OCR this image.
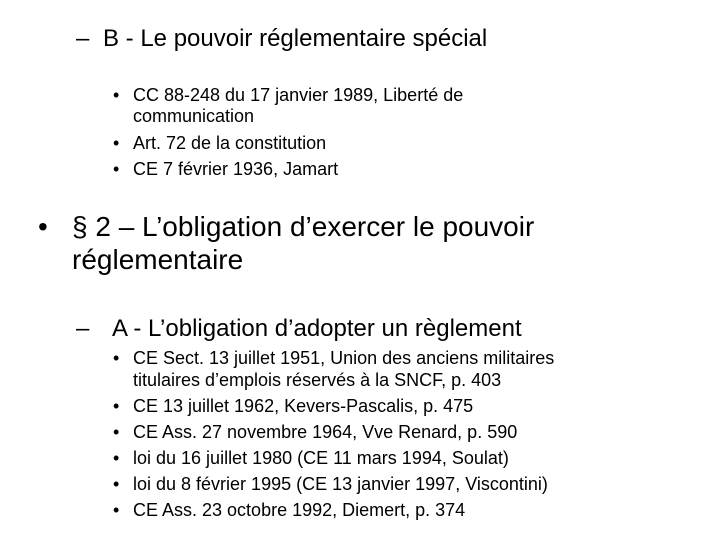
– B - Le pouvoir réglementaire spécial
• CC 88-248 du 17 janvier 1989, Liberté de
communication
• Art. 72 de la constitution
• CE 7 février 1936, Jamart
• § 2 – L’obligation d’exercer le pouvoir
réglementaire
– A - L’obligation d’adopter un règlement
• CE Sect. 13 juillet 1951, Union des anciens militaires
titulaires d’emplois réservés à la SNCF, p. 403
• CE 13 juillet 1962, Kevers-Pascalis, p. 475
• CE Ass. 27 novembre 1964, Vve Renard, p. 590
• loi du 16 juillet 1980 (CE 11 mars 1994, Soulat)
• loi du 8 février 1995 (CE 13 janvier 1997, Viscontini)
• CE Ass. 23 octobre 1992, Diemert, p. 374
